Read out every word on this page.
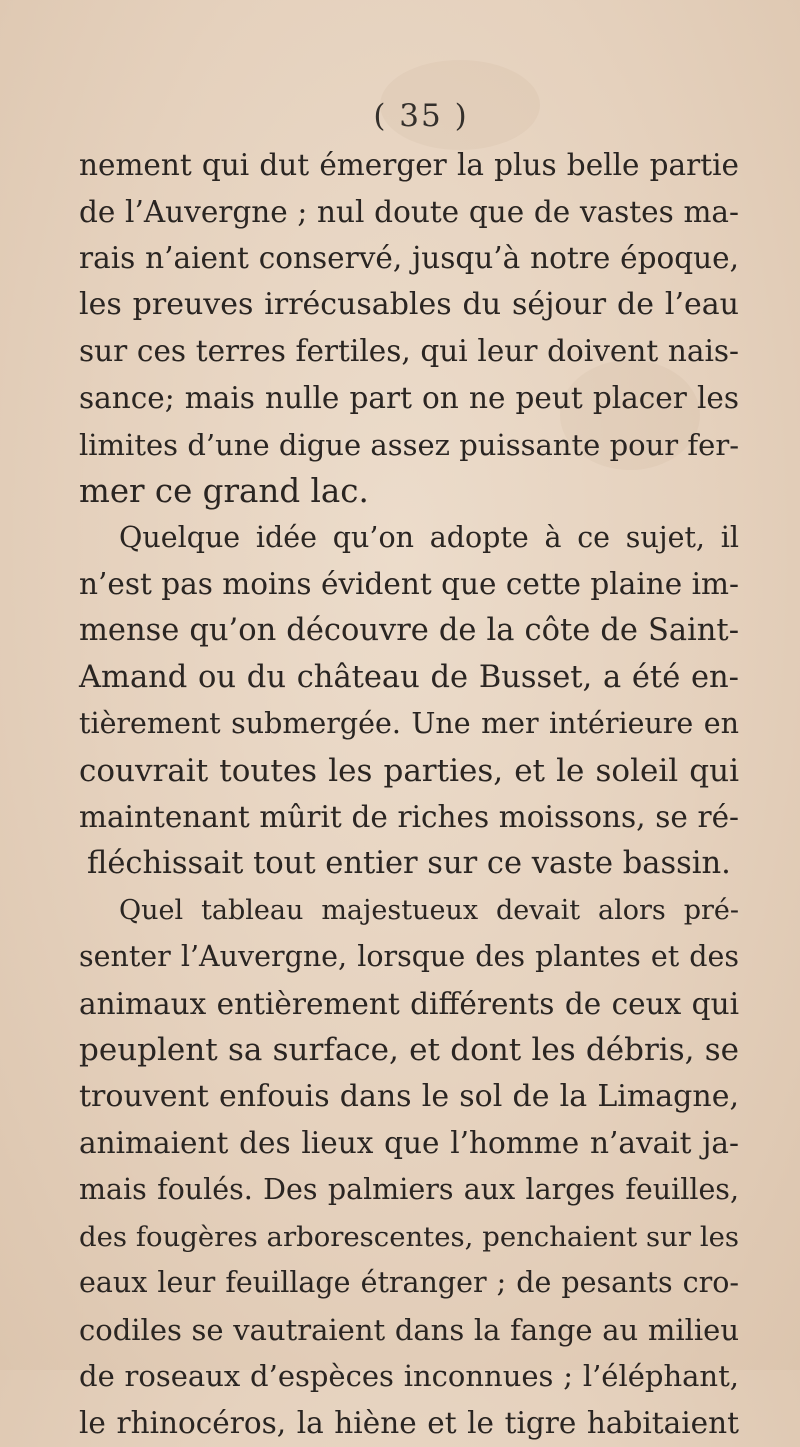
( 35 )
nement qui dut émerger la plus belle partie
de l’Auvergne ; nul doute que de vastes ma-
rais n’aient conservé, jusqu’à notre époque,
les preuves irrécusables du séjour de l’eau
sur ces terres fertiles, qui leur doivent nais-
sance; mais nulle part on ne peut placer les
limites d’une digue assez puissante pour fer-
mer ce grand lac.
Quelque idée qu’on adopte à ce sujet, il
n’est pas moins évident que cette plaine im-
mense qu’on découvre de la côte de Saint-
Amand ou du château de Busset, a été en-
tièrement submergée. Une mer intérieure en
couvrait toutes les parties, et le soleil qui
maintenant mûrit de riches moissons, se ré-
fléchissait tout entier sur ce vaste bassin.
Quel tableau majestueux devait alors pré-
senter l’Auvergne, lorsque des plantes et des
animaux entièrement différents de ceux qui
peuplent sa surface, et dont les débris, se
trouvent enfouis dans le sol de la Limagne,
animaient des lieux que l’homme n’avait ja-
mais foulés. Des palmiers aux larges feuilles,
des fougères arborescentes, penchaient sur les
eaux leur feuillage étranger ; de pesants cro-
codiles se vautraient dans la fange au milieu
de roseaux d’espèces inconnues ; l’éléphant,
le rhinocéros, la hiène et le tigre habitaient
